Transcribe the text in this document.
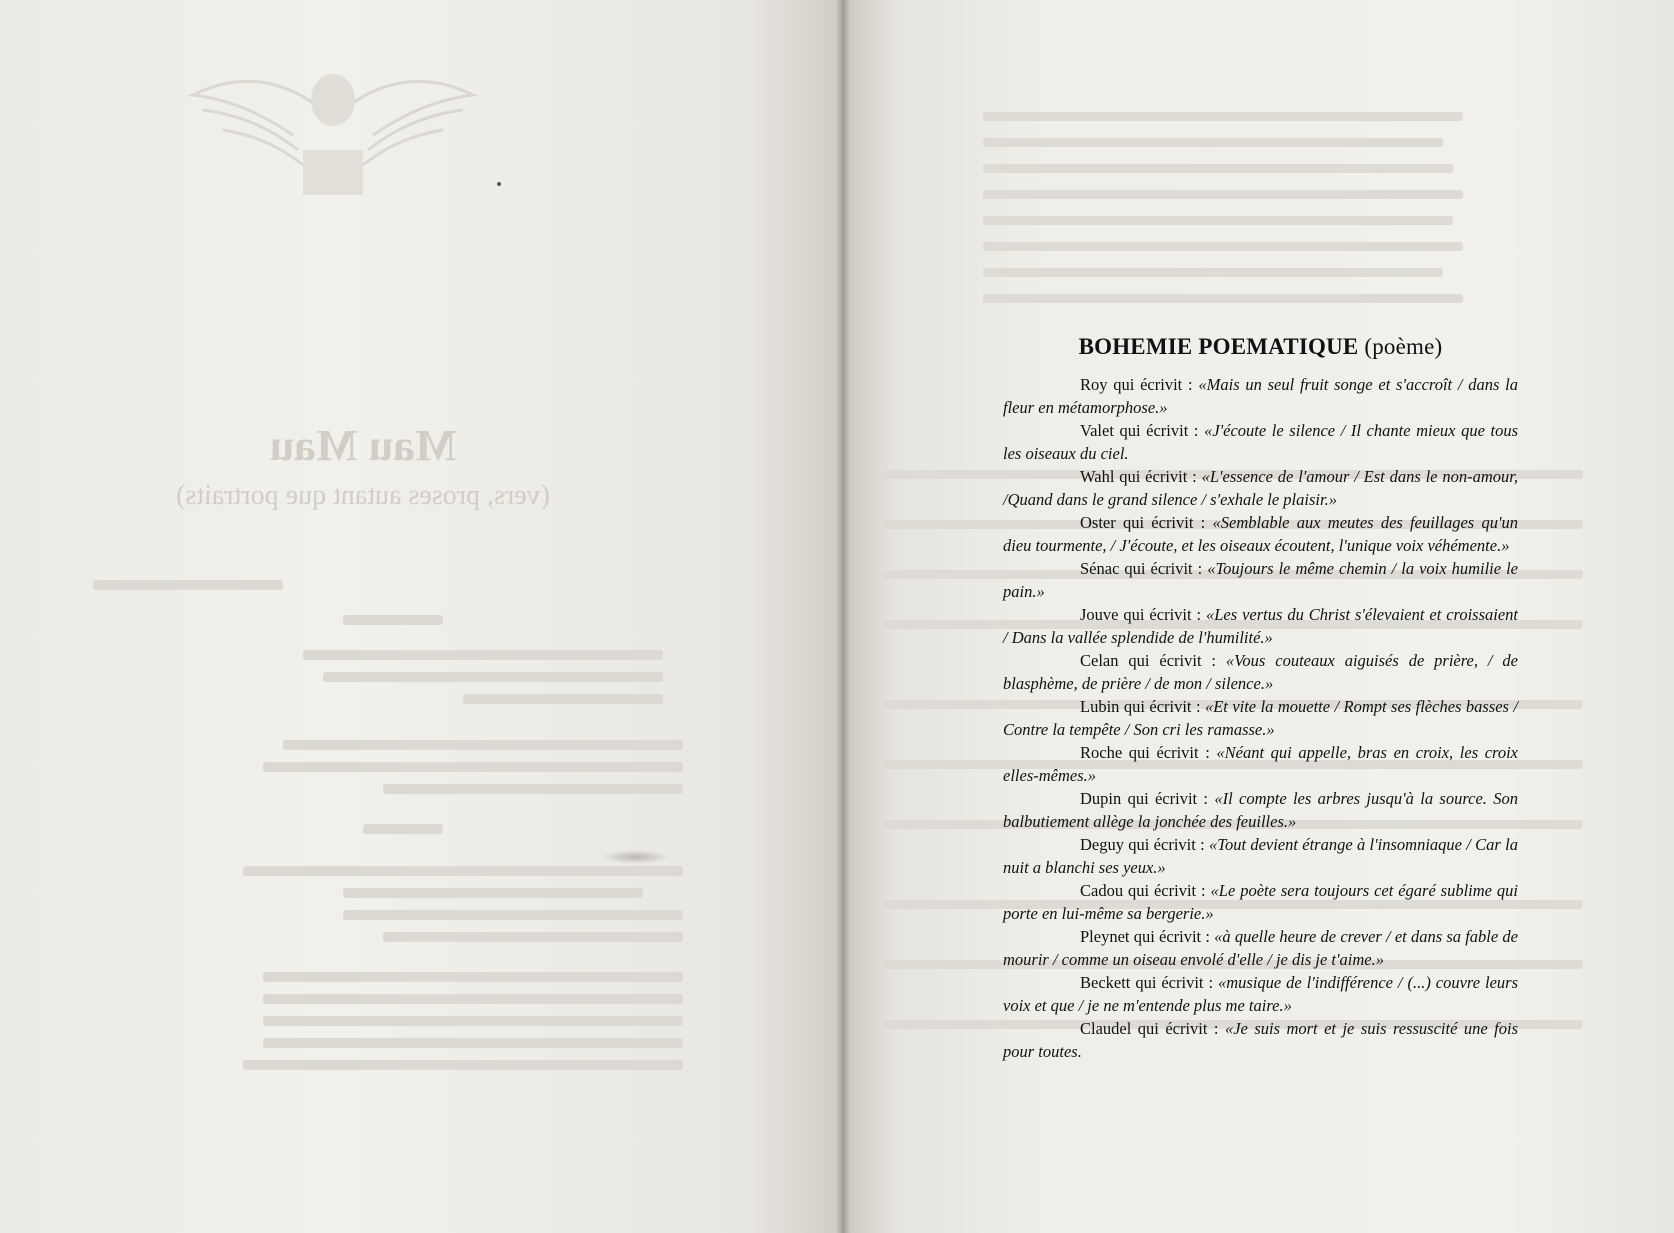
Mau Mau
(vers, proses autant que portraits)
BOHEMIE POEMATIQUE (poème)

Roy qui écrivit : «Mais un seul fruit songe et s'accroît / dans la fleur en métamorphose.»

Valet qui écrivit : «J'écoute le silence / Il chante mieux que tous les oiseaux du ciel.

Wahl qui écrivit : «L'essence de l'amour / Est dans le non-amour, /Quand dans le grand silence / s'exhale le plaisir.»

Oster qui écrivit : «Semblable aux meutes des feuillages qu'un dieu tourmente, / J'écoute, et les oiseaux écoutent, l'unique voix véhémente.»

Sénac qui écrivit : «Toujours le même chemin / la voix humilie le pain.»

Jouve qui écrivit : «Les vertus du Christ s'élevaient et croissaient / Dans la vallée splendide de l'humilité.»

Celan qui écrivit : «Vous couteaux aiguisés de prière, / de blasphème, de prière / de mon / silence.»

Lubin qui écrivit : «Et vite la mouette / Rompt ses flèches basses / Contre la tempête / Son cri les ramasse.»

Roche qui écrivit : «Néant qui appelle, bras en croix, les croix elles-mêmes.»

Dupin qui écrivit : «Il compte les arbres jusqu'à la source. Son balbutiement allège la jonchée des feuilles.»

Deguy qui écrivit : «Tout devient étrange à l'insomniaque / Car la nuit a blanchi ses yeux.»

Cadou qui écrivit : «Le poète sera toujours cet égaré sublime qui porte en lui-même sa bergerie.»

Pleynet qui écrivit : «à quelle heure de crever / et dans sa fable de mourir / comme un oiseau envolé d'elle / je dis je t'aime.»

Beckett qui écrivit : «musique de l'indifférence / (...) couvre leurs voix et que / je ne m'entende plus me taire.»

Claudel qui écrivit : «Je suis mort et je suis ressuscité une fois pour toutes.
